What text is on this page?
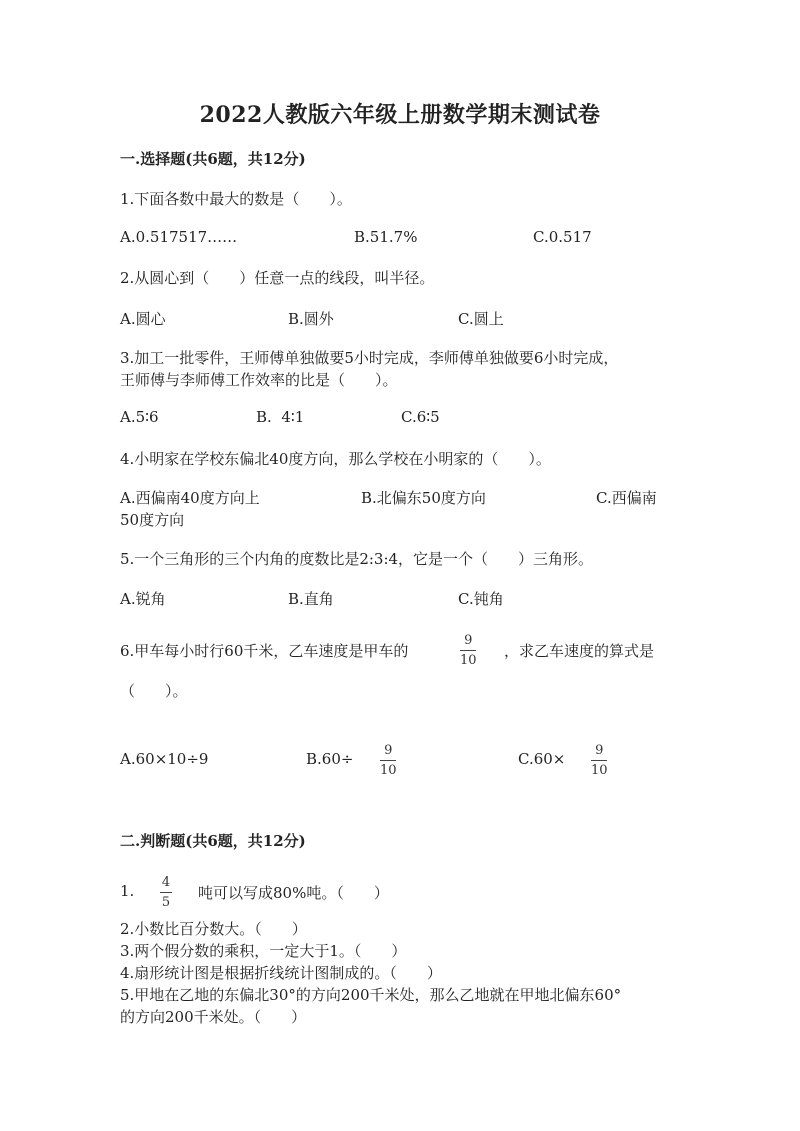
2022人教版六年级上册数学期末测试卷
一.选择题(共6题，共12分)
1.下面各数中最大的数是（　　）。
A.0.517517……	B.51.7%	C.0.517
2.从圆心到（　　）任意一点的线段，叫半径。
A.圆心	B.圆外	C.圆上
3.加工一批零件，王师傅单独做要5小时完成，李师傅单独做要6小时完成，
王师傅与李师傅工作效率的比是（　　）。
A.5∶6	B.  4∶1	C.6∶5
4.小明家在学校东偏北40度方向，那么学校在小明家的（　　）。
A.西偏南40度方向上	B.北偏东50度方向	C.西偏南
50度方向
5.一个三角形的三个内角的度数比是2:3:4，它是一个（　　）三角形。
A.锐角	B.直角	C.钝角
6.甲车每小时行60千米，乙车速度是甲车的
9
10
，求乙车速度的算式是
（　　）。
A.60×10÷9	B.60÷ 9
10
C.60× 9
10
二.判断题(共6题，共12分)
1. 4
5
吨可以写成80%吨。（　　）
2.小数比百分数大。（　　）
3.两个假分数的乘积，一定大于1。（　　）
4.扇形统计图是根据折线统计图制成的。（　　）
5.甲地在乙地的东偏北30°的方向200千米处，那么乙地就在甲地北偏东60°
的方向200千米处。（　　）
